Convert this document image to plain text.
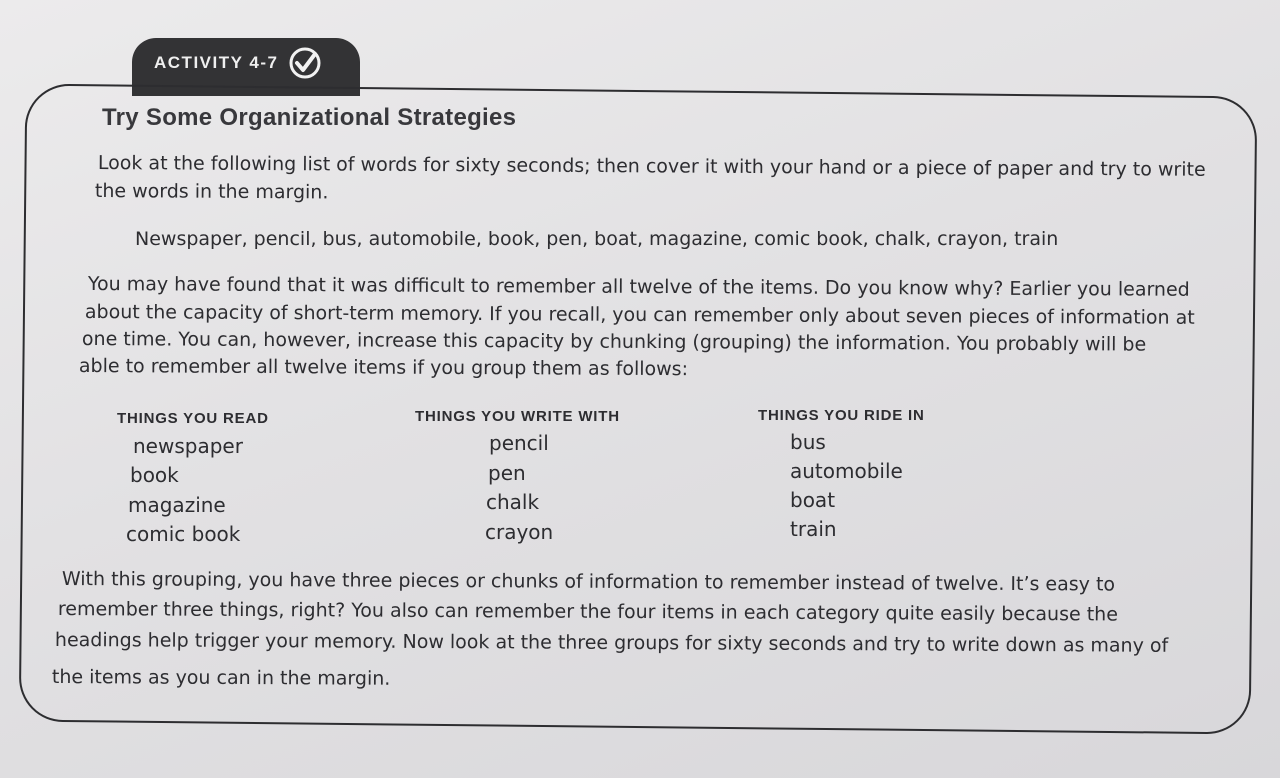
ACTIVITY 4-7
Try Some Organizational Strategies
Look at the following list of words for sixty seconds; then cover it with your hand or a piece of paper and try to write
the words in the margin.
Newspaper, pencil, bus, automobile, book, pen, boat, magazine, comic book, chalk, crayon, train
You may have found that it was difficult to remember all twelve of the items. Do you know why? Earlier you learned
about the capacity of short-term memory. If you recall, you can remember only about seven pieces of information at
one time. You can, however, increase this capacity by chunking (grouping) the information. You probably will be
able to remember all twelve items if you group them as follows:
THINGS YOU READ
newspaper
book
magazine
comic book
THINGS YOU WRITE WITH
pencil
pen
chalk
crayon
THINGS YOU RIDE IN
bus
automobile
boat
train
With this grouping, you have three pieces or chunks of information to remember instead of twelve. It’s easy to
remember three things, right? You also can remember the four items in each category quite easily because the
headings help trigger your memory. Now look at the three groups for sixty seconds and try to write down as many of
the items as you can in the margin.
